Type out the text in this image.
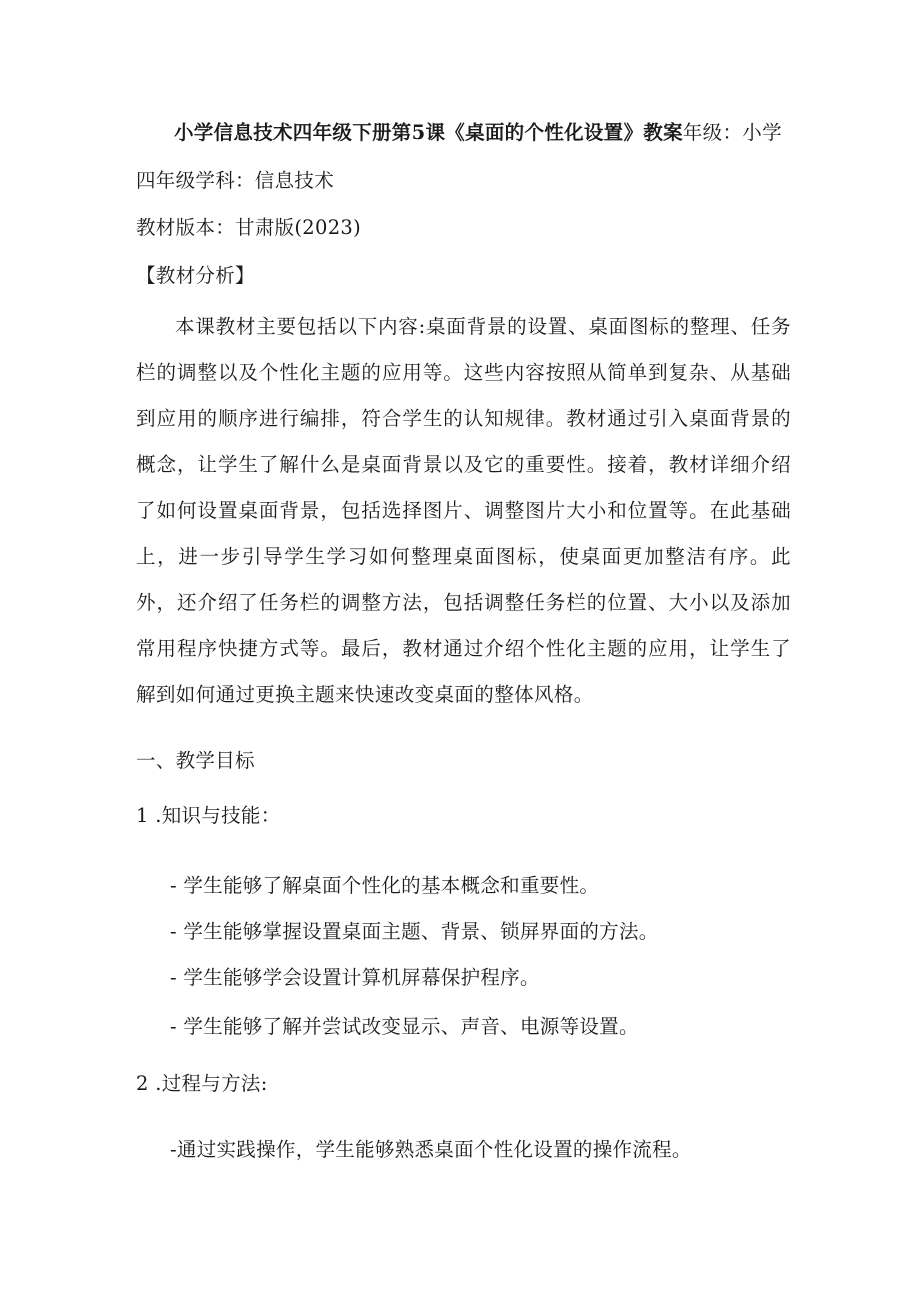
小学信息技术四年级下册第5课《桌面的个性化设置》教案年级：小学
四年级学科：信息技术
教材版本：甘肃版(2023)
【教材分析】
本课教材主要包括以下内容:桌面背景的设置、桌面图标的整理、任务栏的调整以及个性化主题的应用等。这些内容按照从简单到复杂、从基础到应用的顺序进行编排，符合学生的认知规律。教材通过引入桌面背景的概念，让学生了解什么是桌面背景以及它的重要性。接着，教材详细介绍了如何设置桌面背景，包括选择图片、调整图片大小和位置等。在此基础上，进一步引导学生学习如何整理桌面图标，使桌面更加整洁有序。此外，还介绍了任务栏的调整方法，包括调整任务栏的位置、大小以及添加常用程序快捷方式等。最后，教材通过介绍个性化主题的应用，让学生了解到如何通过更换主题来快速改变桌面的整体风格。
一、教学目标
1 .知识与技能：
- 学生能够了解桌面个性化的基本概念和重要性。
- 学生能够掌握设置桌面主题、背景、锁屏界面的方法。
- 学生能够学会设置计算机屏幕保护程序。
- 学生能够了解并尝试改变显示、声音、电源等设置。
2 .过程与方法:
-通过实践操作，学生能够熟悉桌面个性化设置的操作流程。
